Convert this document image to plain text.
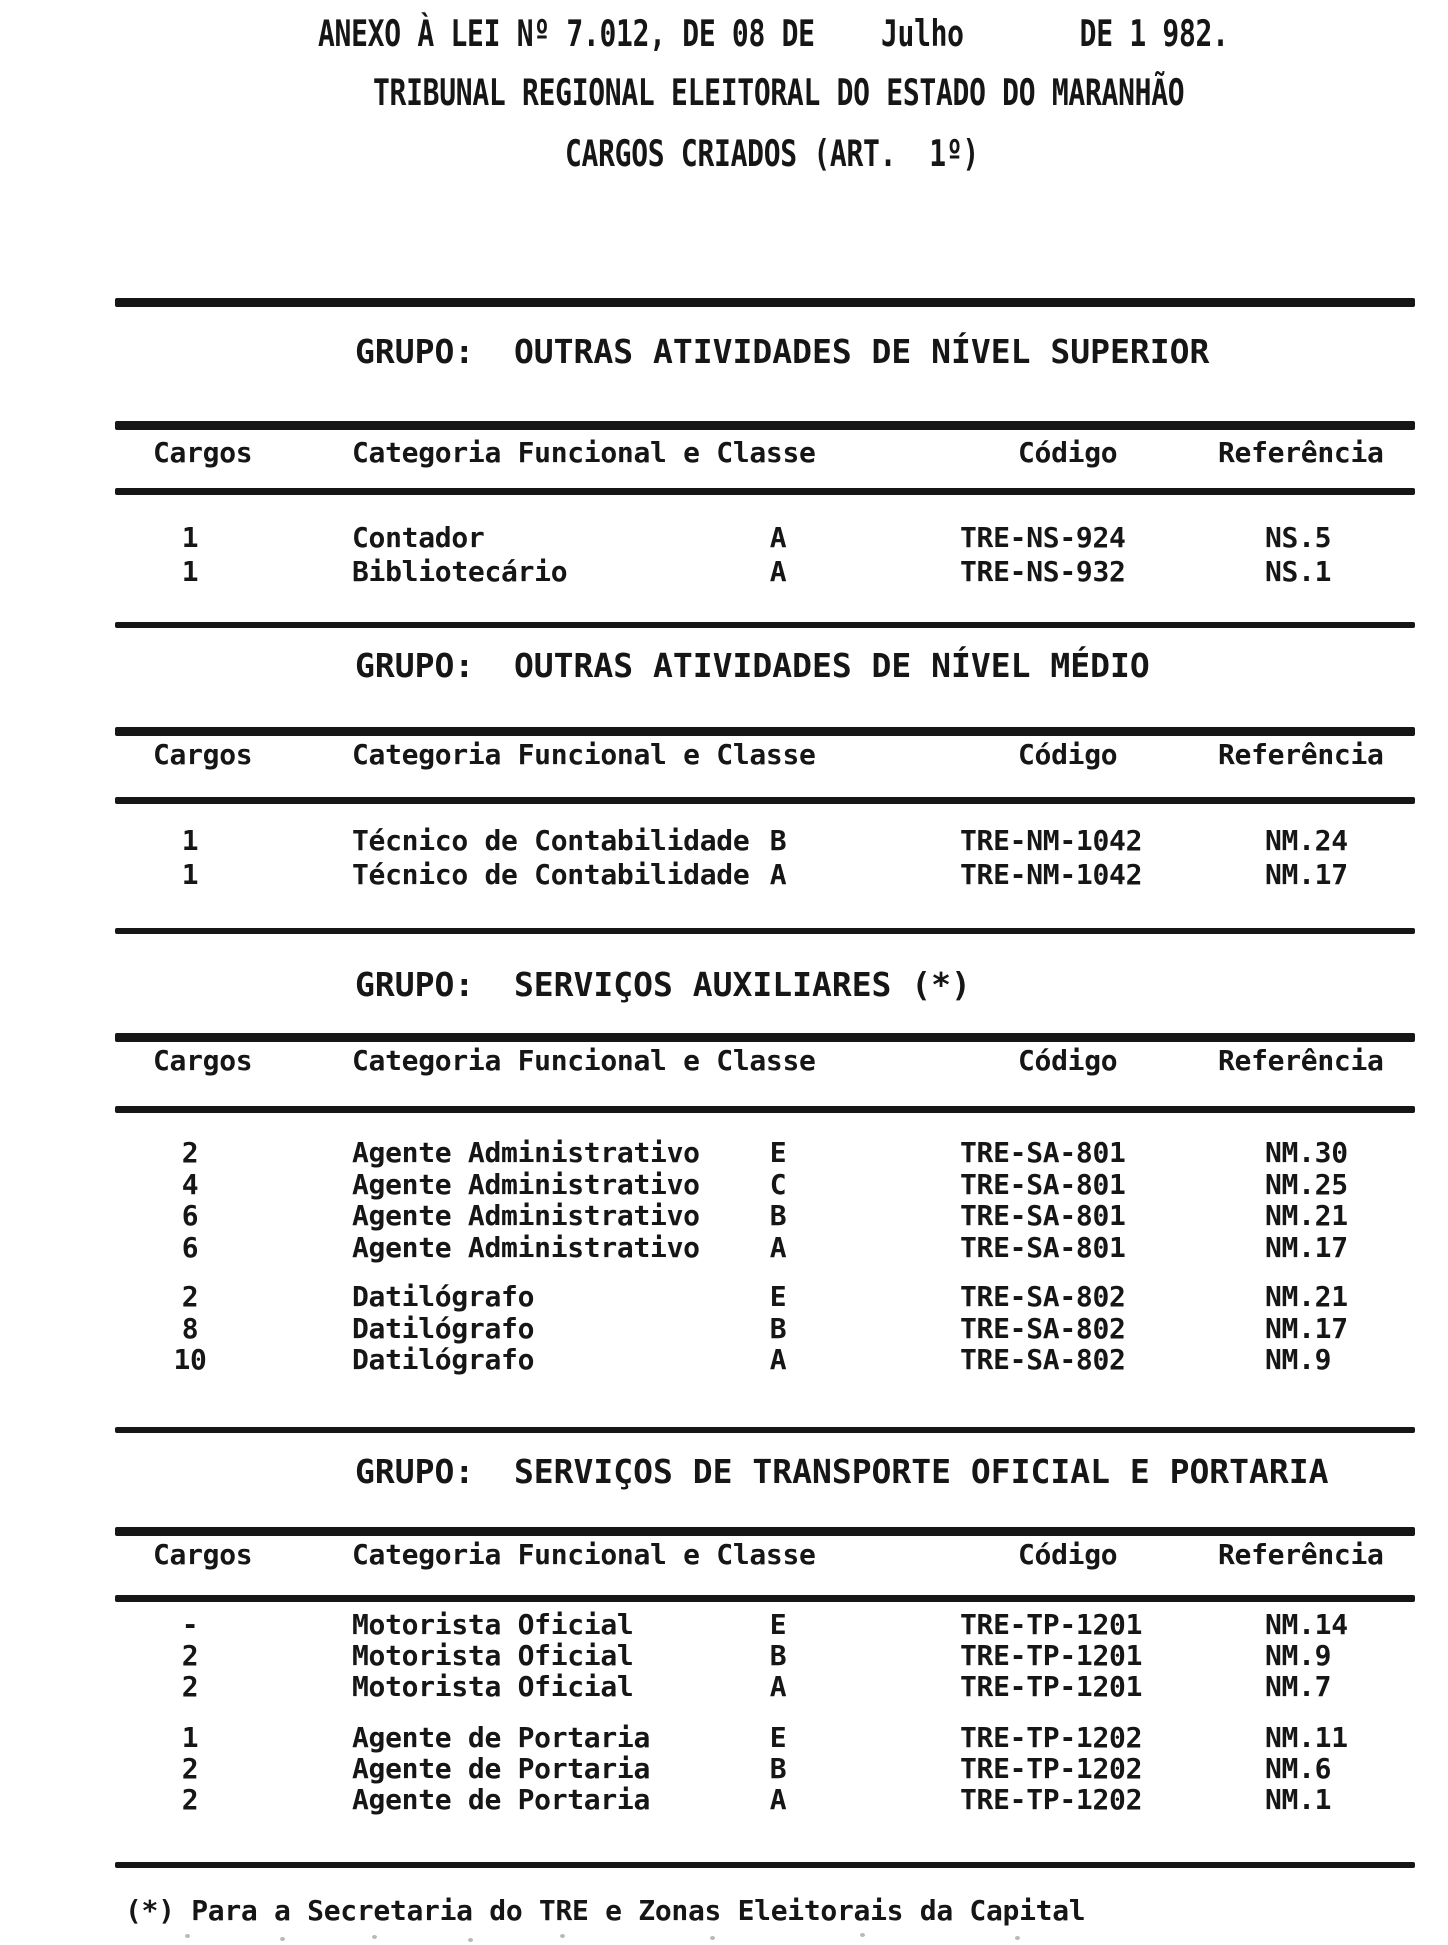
ANEXO À LEI Nº 7.012, DE 08 DE    Julho       DE 1 982.
TRIBUNAL REGIONAL ELEITORAL DO ESTADO DO MARANHÃO
CARGOS CRIADOS (ART.  1º)
GRUPO:  OUTRAS ATIVIDADES DE NÍVEL SUPERIOR
Cargos	Categoria Funcional e Classe	Código	Referência
1	Contador	A	TRE-NS-924	NS.5
1	Bibliotecário	A	TRE-NS-932	NS.1
GRUPO:  OUTRAS ATIVIDADES DE NÍVEL MÉDIO
Cargos	Categoria Funcional e Classe	Código	Referência
1	Técnico de Contabilidade B	TRE-NM-1042	NM.24
1	Técnico de Contabilidade A	TRE-NM-1042	NM.17
GRUPO:  SERVIÇOS AUXILIARES (*)
Cargos	Categoria Funcional e Classe	Código	Referência
2	Agente Administrativo	E	TRE-SA-801	NM.30
4	Agente Administrativo	C	TRE-SA-801	NM.25
6	Agente Administrativo	B	TRE-SA-801	NM.21
6	Agente Administrativo	A	TRE-SA-801	NM.17
2	Datilógrafo	E	TRE-SA-802	NM.21
8	Datilógrafo	B	TRE-SA-802	NM.17
10	Datilógrafo	A	TRE-SA-802	NM.9
GRUPO:  SERVIÇOS DE TRANSPORTE OFICIAL E PORTARIA
Cargos	Categoria Funcional e Classe	Código	Referência
-	Motorista Oficial	E	TRE-TP-1201	NM.14
2	Motorista Oficial	B	TRE-TP-1201	NM.9
2	Motorista Oficial	A	TRE-TP-1201	NM.7
1	Agente de Portaria	E	TRE-TP-1202	NM.11
2	Agente de Portaria	B	TRE-TP-1202	NM.6
2	Agente de Portaria	A	TRE-TP-1202	NM.1
(*) Para a Secretaria do TRE e Zonas Eleitorais da Capital
